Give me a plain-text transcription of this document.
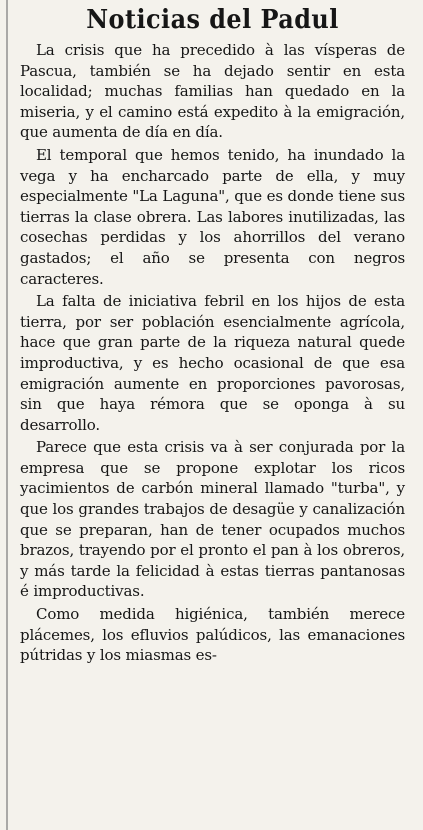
Noticias del Padul

La crisis que ha precedido à las vísperas de Pascua, también se ha dejado sentir en esta localidad; muchas familias han quedado en la miseria, y el camino está expedito à la emigración, que aumenta de día en día.

El temporal que hemos tenido, ha inundado la vega y ha encharcado parte de ella, y muy especialmente "La Laguna", que es donde tiene sus tierras la clase obrera. Las labores inutilizadas, las cosechas perdidas y los ahorrillos del verano gastados; el año se presenta con negros caracteres.

La falta de iniciativa febril en los hijos de esta tierra, por ser población esencialmente agrícola, hace que gran parte de la riqueza natural quede improductiva, y es hecho ocasional de que esa emigración aumente en proporciones pavorosas, sin que haya rémora que se oponga à su desarrollo.

Parece que esta crisis va à ser conjurada por la empresa que se propone explotar los ricos yacimientos de carbón mineral llamado "turba", y que los grandes trabajos de desagüe y canalización que se preparan, han de tener ocupados muchos brazos, trayendo por el pronto el pan à los obreros, y más tarde la felicidad à estas tierras pantanosas é improductivas.

Como medida higiénica, también merece plácemes, los efluvios palúdicos, las emanaciones pútridas y los miasmas es-
